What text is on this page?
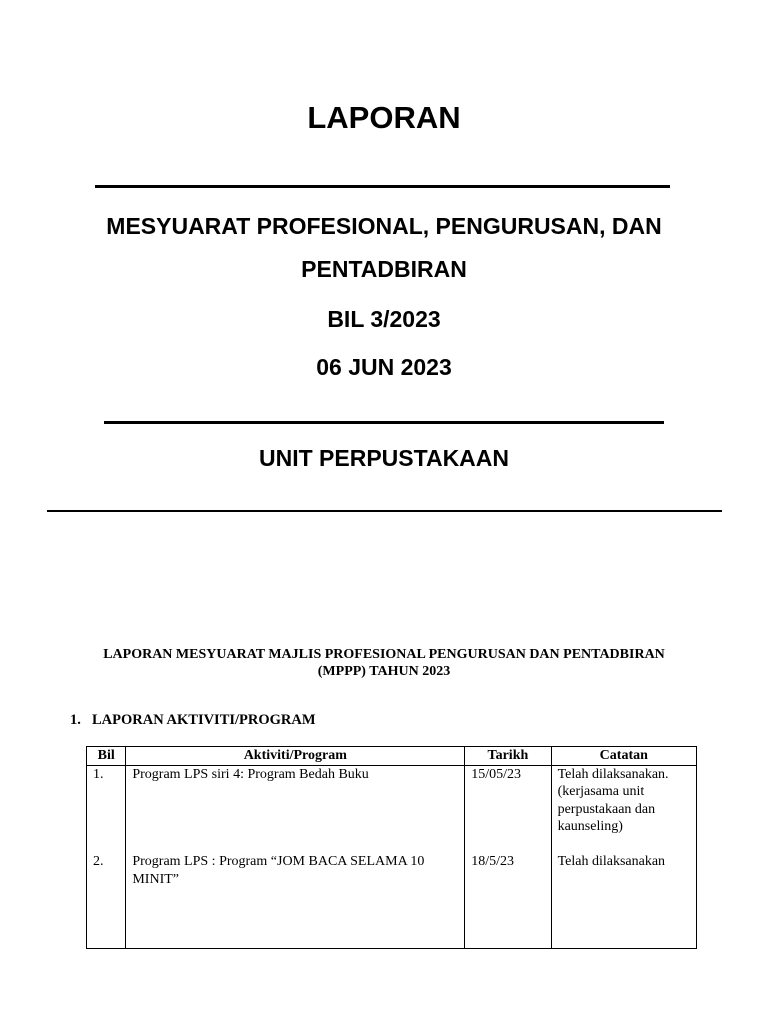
LAPORAN
MESYUARAT PROFESIONAL, PENGURUSAN, DAN
PENTADBIRAN
BIL 3/2023
06 JUN 2023
UNIT PERPUSTAKAAN
LAPORAN MESYUARAT MAJLIS PROFESIONAL PENGURUSAN DAN PENTADBIRAN
(MPPP) TAHUN 2023
1. LAPORAN AKTIVITI/PROGRAM
Bil	Aktiviti/Program	Tarikh	Catatan
1.	Program LPS siri 4: Program Bedah Buku	15/05/23	Telah dilaksanakan. (kerjasama unit perpustakaan dan kaunseling)
2.	Program LPS : Program “JOM BACA SELAMA 10 MINIT”	18/5/23	Telah dilaksanakan
